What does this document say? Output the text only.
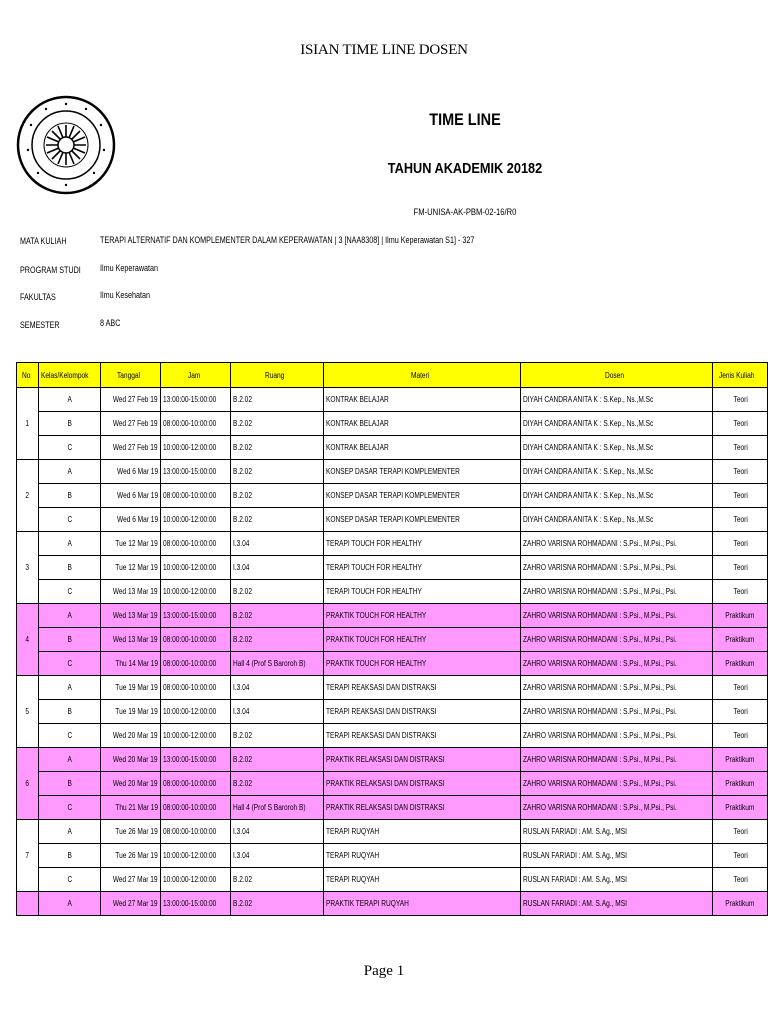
ISIAN TIME LINE DOSEN
TIME LINE
TAHUN AKADEMIK 20182
FM-UNISA-AK-PBM-02-16/R0
MATA KULIAH	TERAPI ALTERNATIF DAN KOMPLEMENTER DALAM KEPERAWATAN | 3 [NAA8308] | Ilmu Keperawatan S1] - 327
PROGRAM STUDI Ilmu Keperawatan
FAKULTAS	Ilmu Kesehatan
SEMESTER	8 ABC
No	Kelas/Kelompok	Tanggal	Jam	Ruang	Materi	Dosen	Jenis Kuliah
1	A	Wed 27 Feb 19	13:00:00-15:00:00	B.2.02	KONTRAK BELAJAR	DIYAH CANDRA ANITA K : S.Kep., Ns.,M.Sc	Teori
	B	Wed 27 Feb 19	08:00:00-10:00:00	B.2.02	KONTRAK BELAJAR	DIYAH CANDRA ANITA K : S.Kep., Ns.,M.Sc	Teori
	C	Wed 27 Feb 19	10:00:00-12:00:00	B.2.02	KONTRAK BELAJAR	DIYAH CANDRA ANITA K : S.Kep., Ns.,M.Sc	Teori
2	A	Wed 6 Mar 19	13:00:00-15:00:00	B.2.02	KONSEP DASAR TERAPI KOMPLEMENTER	DIYAH CANDRA ANITA K : S.Kep., Ns.,M.Sc	Teori
	B	Wed 6 Mar 19	08:00:00-10:00:00	B.2.02	KONSEP DASAR TERAPI KOMPLEMENTER	DIYAH CANDRA ANITA K : S.Kep., Ns.,M.Sc	Teori
	C	Wed 6 Mar 19	10:00:00-12:00:00	B.2.02	KONSEP DASAR TERAPI KOMPLEMENTER	DIYAH CANDRA ANITA K : S.Kep., Ns.,M.Sc	Teori
3	A	Tue 12 Mar 19	08:00:00-10:00:00	I.3.04	TERAPI TOUCH FOR HEALTHY	ZAHRO VARISNA ROHMADANI : S.Psi., M.Psi., Psi.	Teori
	B	Tue 12 Mar 19	10:00:00-12:00:00	I.3.04	TERAPI TOUCH FOR HEALTHY	ZAHRO VARISNA ROHMADANI : S.Psi., M.Psi., Psi.	Teori
	C	Wed 13 Mar 19	10:00:00-12:00:00	B.2.02	TERAPI TOUCH FOR HEALTHY	ZAHRO VARISNA ROHMADANI : S.Psi., M.Psi., Psi.	Teori
4	A	Wed 13 Mar 19	13:00:00-15:00:00	B.2.02	PRAKTIK TOUCH FOR HEALTHY	ZAHRO VARISNA ROHMADANI : S.Psi., M.Psi., Psi.	Praktikum
	B	Wed 13 Mar 19	08:00:00-10:00:00	B.2.02	PRAKTIK TOUCH FOR HEALTHY	ZAHRO VARISNA ROHMADANI : S.Psi., M.Psi., Psi.	Praktikum
	C	Thu 14 Mar 19	08:00:00-10:00:00	Hall 4 (Prof S Baroroh B)	PRAKTIK TOUCH FOR HEALTHY	ZAHRO VARISNA ROHMADANI : S.Psi., M.Psi., Psi.	Praktikum
5	A	Tue 19 Mar 19	08:00:00-10:00:00	I.3.04	TERAPI REAKSASI DAN DISTRAKSI	ZAHRO VARISNA ROHMADANI : S.Psi., M.Psi., Psi.	Teori
	B	Tue 19 Mar 19	10:00:00-12:00:00	I.3.04	TERAPI REAKSASI DAN DISTRAKSI	ZAHRO VARISNA ROHMADANI : S.Psi., M.Psi., Psi.	Teori
	C	Wed 20 Mar 19	10:00:00-12:00:00	B.2.02	TERAPI REAKSASI DAN DISTRAKSI	ZAHRO VARISNA ROHMADANI : S.Psi., M.Psi., Psi.	Teori
6	A	Wed 20 Mar 19	13:00:00-15:00:00	B.2.02	PRAKTIK RELAKSASI DAN DISTRAKSI	ZAHRO VARISNA ROHMADANI : S.Psi., M.Psi., Psi.	Praktikum
	B	Wed 20 Mar 19	08:00:00-10:00:00	B.2.02	PRAKTIK RELAKSASI DAN DISTRAKSI	ZAHRO VARISNA ROHMADANI : S.Psi., M.Psi., Psi.	Praktikum
	C	Thu 21 Mar 19	08:00:00-10:00:00	Hall 4 (Prof S Baroroh B)	PRAKTIK RELAKSASI DAN DISTRAKSI	ZAHRO VARISNA ROHMADANI : S.Psi., M.Psi., Psi.	Praktikum
7	A	Tue 26 Mar 19	08:00:00-10:00:00	I.3.04	TERAPI RUQYAH	RUSLAN FARIADI : AM. S.Ag., MSI	Teori
	B	Tue 26 Mar 19	10:00:00-12:00:00	I.3.04	TERAPI RUQYAH	RUSLAN FARIADI : AM. S.Ag., MSI	Teori
	C	Wed 27 Mar 19	10:00:00-12:00:00	B.2.02	TERAPI RUQYAH	RUSLAN FARIADI : AM. S.Ag., MSI	Teori
	A	Wed 27 Mar 19	13:00:00-15:00:00	B.2.02	PRAKTIK TERAPI RUQYAH	RUSLAN FARIADI : AM. S.Ag., MSI	Praktikum
Page 1
